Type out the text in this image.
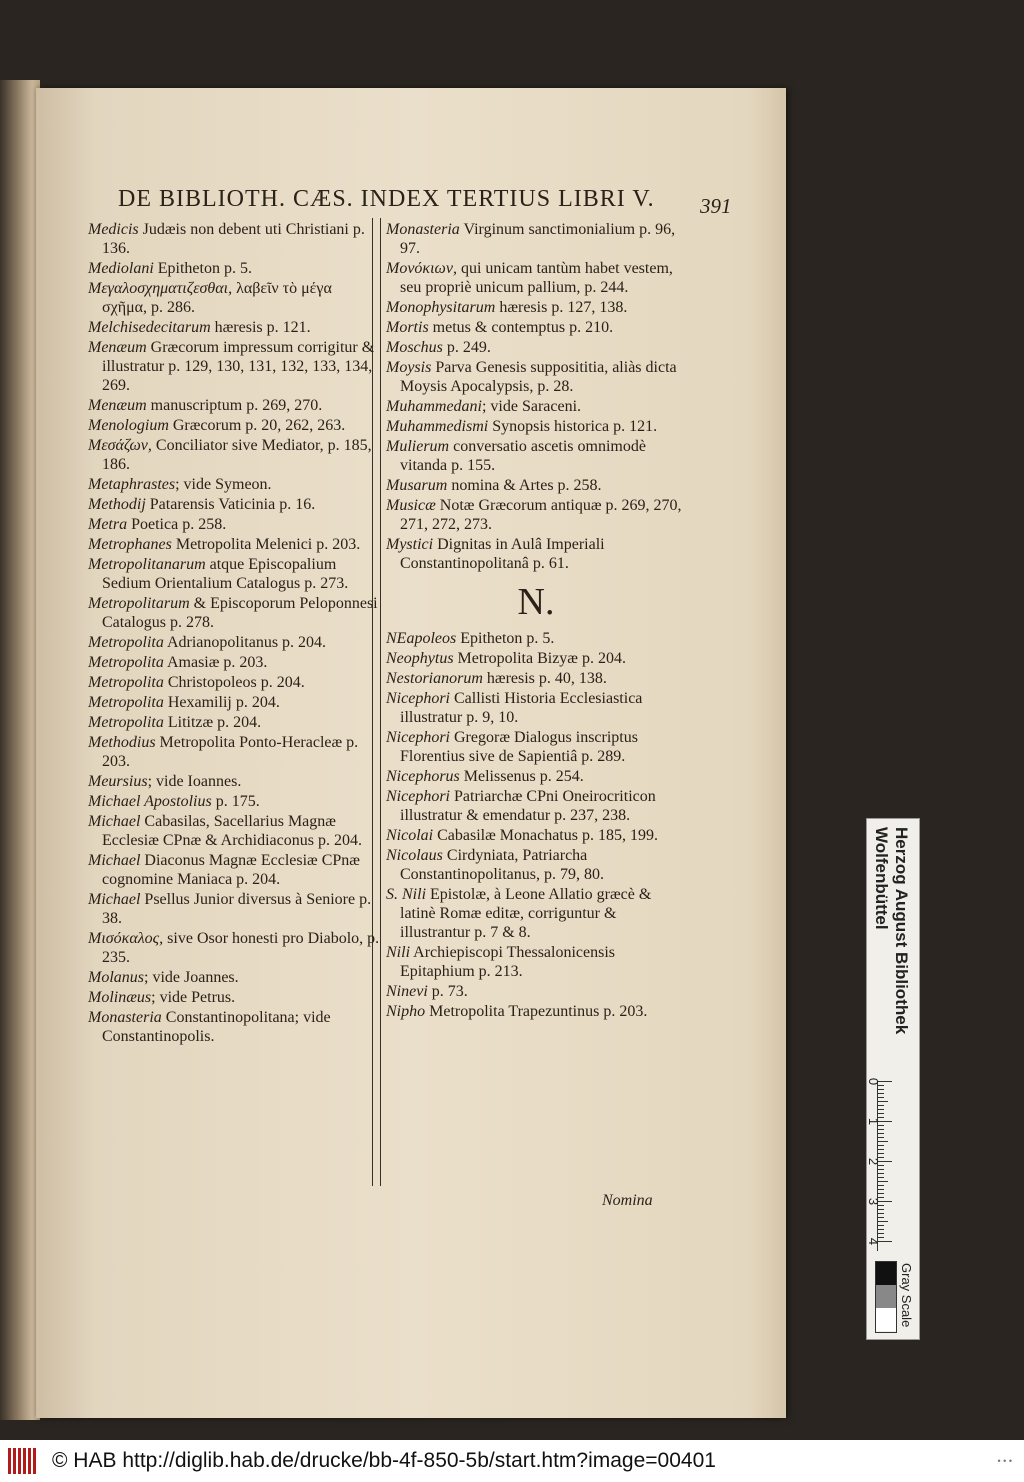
DE BIBLIOTH. CÆS. INDEX TERTIUS LIBRI V.	391
Medicis Judæis non debent uti Christiani p. 136.
Mediolani Epitheton p. 5.
Μεγαλοσχηματιζεσθαι, λαβεῖν τὸ μέγα σχῆμα, p. 286.
Melchisedecitarum hæresis p. 121.
Menæum Græcorum impressum corrigitur & illustratur p. 129, 130, 131, 132, 133, 134, 269.
Menæum manuscriptum p. 269, 270.
Menologium Græcorum p. 20, 262, 263.
Μεσάζων, Conciliator sive Mediator, p. 185, 186.
Metaphrastes; vide Symeon.
Methodij Patarensis Vaticinia p. 16.
Metra Poetica p. 258.
Metrophanes Metropolita Melenici p. 203.
Metropolitanarum atque Episcopalium Sedium Orientalium Catalogus p. 273.
Metropolitarum & Episcoporum Peloponnesi Catalogus p. 278.
Metropolita Adrianopolitanus p. 204.
Metropolita Amasiæ p. 203.
Metropolita Christopoleos p. 204.
Metropolita Hexamilij p. 204.
Metropolita Lititzæ p. 204.
Methodius Metropolita Ponto-Heracleæ p. 203.
Meursius; vide Ioannes.
Michael Apostolius p. 175.
Michael Cabasilas, Sacellarius Magnæ Ecclesiæ CPnæ & Archidiaconus p. 204.
Michael Diaconus Magnæ Ecclesiæ CPnæ cognomine Maniaca p. 204.
Michael Psellus Junior diversus à Seniore p. 38.
Μισόκαλος, sive Osor honesti pro Diabolo, p. 235.
Molanus; vide Joannes.
Molinæus; vide Petrus.
Monasteria Constantinopolitana; vide Constantinopolis.
Monasteria Virginum sanctimonialium p. 96, 97.
Μονόκιων, qui unicam tantùm habet vestem, seu propriè unicum pallium, p. 244.
Monophysitarum hæresis p. 127, 138.
Mortis metus & contemptus p. 210.
Moschus p. 249.
Moysis Parva Genesis supposititia, aliàs dicta Moysis Apocalypsis, p. 28.
Muhammedani; vide Saraceni.
Muhammedismi Synopsis historica p. 121.
Mulierum conversatio ascetis omnimodè vitanda p. 155.
Musarum nomina & Artes p. 258.
Musicæ Notæ Græcorum antiquæ p. 269, 270, 271, 272, 273.
Mystici Dignitas in Aulâ Imperiali Constantinopolitanâ p. 61.
N.
NEapoleos Epitheton p. 5.
Neophytus Metropolita Bizyæ p. 204.
Nestorianorum hæresis p. 40, 138.
Nicephori Callisti Historia Ecclesiastica illustratur p. 9, 10.
Nicephori Gregoræ Dialogus inscriptus Florentius sive de Sapientiâ p. 289.
Nicephorus Melissenus p. 254.
Nicephori Patriarchæ CPni Oneirocriticon illustratur & emendatur p. 237, 238.
Nicolai Cabasilæ Monachatus p. 185, 199.
Nicolaus Cirdyniata, Patriarcha Constantinopolitanus, p. 79, 80.
S. Nili Epistolæ, à Leone Allatio græcè & latinè Romæ editæ, corriguntur & illustrantur p. 7 & 8.
Nili Archiepiscopi Thessalonicensis Epitaphium p. 213.
Ninevi p. 73.
Nipho Metropolita Trapezuntinus p. 203.
Nomina
Herzog August Bibliothek
Wolfenbüttel
0
1
2
3
4
Gray Scale
© HAB http://diglib.hab.de/drucke/bb-4f-850-5b/start.htm?image=00401	• • •
